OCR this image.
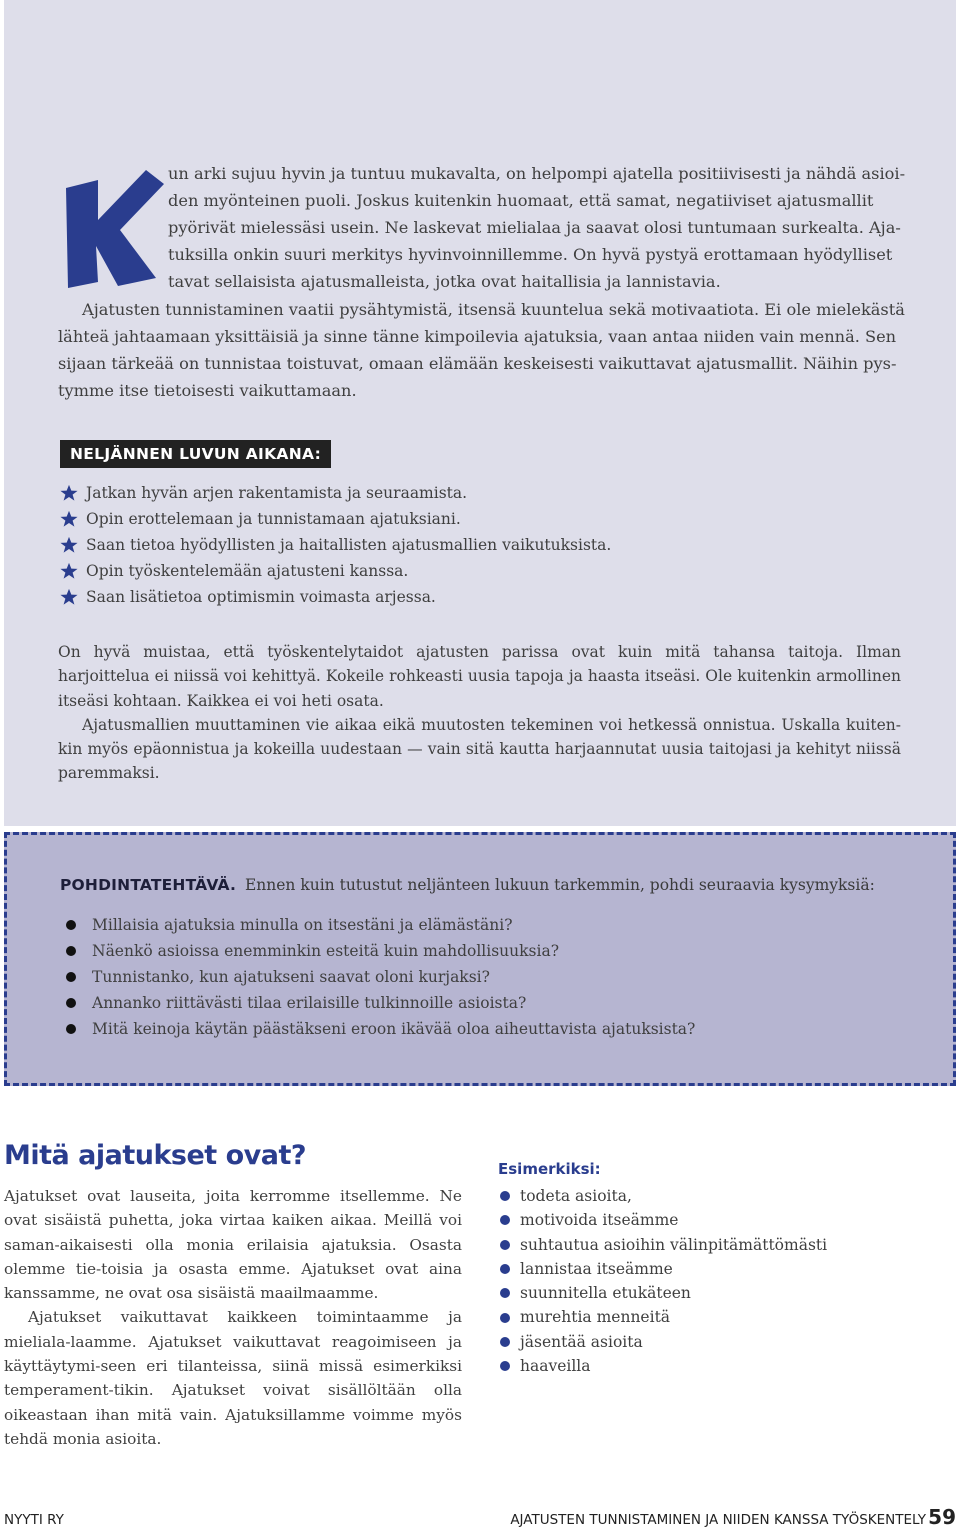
un arki sujuu hyvin ja tuntuu mukavalta, on helpompi ajatella positiivisesti ja nähdä asioi-

den myönteinen puoli. Joskus kuitenkin huomaat, että samat, negatiiviset ajatusmallit

pyörivät mielessäsi usein. Ne laskevat mielialaa ja saavat olosi tuntumaan surkealta. Aja-

tuksilla onkin suuri merkitys hyvinvoinnillemme. On hyvä pystyä erottamaan hyödylliset

tavat sellaisista ajatusmalleista, jotka ovat haitallisia ja lannistavia.

Ajatusten tunnistaminen vaatii pysähtymistä, itsensä kuuntelua sekä motivaatiota. Ei ole mielekästä

lähteä jahtaamaan yksittäisiä ja sinne tänne kimpoilevia ajatuksia, vaan antaa niiden vain mennä. Sen

sijaan tärkeää on tunnistaa toistuvat, omaan elämään keskeisesti vaikuttavat ajatusmallit. Näihin pys-

tymme itse tietoisesti vaikuttamaan.

NELJÄNNEN LUVUN AIKANA:
Jatkan hyvän arjen rakentamista ja seuraamista.
Opin erottelemaan ja tunnistamaan ajatuksiani.
Saan tietoa hyödyllisten ja haitallisten ajatusmallien vaikutuksista.
Opin työskentelemään ajatusteni kanssa.
Saan lisätietoa optimismin voimasta arjessa.

On hyvä muistaa, että työskentelytaidot ajatusten parissa ovat kuin mitä tahansa taitoja. Ilman harjoittelua ei niissä voi kehittyä. Kokeile rohkeasti uusia tapoja ja haasta itseäsi. Ole kuitenkin armollinen itseäsi kohtaan. Kaikkea ei voi heti osata.

Ajatusmallien muuttaminen vie aikaa eikä muutosten tekeminen voi hetkessä onnistua. Uskalla kuiten-kin myös epäonnistua ja kokeilla uudestaan — vain sitä kautta harjaannutat uusia taitojasi ja kehityt niissä paremmaksi.

POHDINTATEHTÄVÄ. Ennen kuin tutustut neljänteen lukuun tarkemmin, pohdi seuraavia kysymyksiä:
Millaisia ajatuksia minulla on itsestäni ja elämästäni?
Näenkö asioissa enemminkin esteitä kuin mahdollisuuksia?
Tunnistanko, kun ajatukseni saavat oloni kurjaksi?
Annanko riittävästi tilaa erilaisille tulkinnoille asioista?
Mitä keinoja käytän päästäkseni eroon ikävää oloa aiheuttavista ajatuksista?
Mitä ajatukset ovat?

Ajatukset ovat lauseita, joita kerromme itsellemme. Ne ovat sisäistä puhetta, joka virtaa kaiken aikaa. Meillä voi saman-aikaisesti olla monia erilaisia ajatuksia. Osasta olemme tie-toisia ja osasta emme. Ajatukset ovat aina kanssamme, ne ovat osa sisäistä maailmaamme.

Ajatukset vaikuttavat kaikkeen toimintaamme ja mieliala-laamme. Ajatukset vaikuttavat reagoimiseen ja käyttäytymi-seen eri tilanteissa, siinä missä esimerkiksi temperament-tikin. Ajatukset voivat sisällöltään olla oikeastaan ihan mitä vain. Ajatuksillamme voimme myös tehdä monia asioita.

Esimerkiksi:
todeta asioita,
motivoida itseämme
suhtautua asioihin välinpitämättömästi
lannistaa itseämme
suunnitella etukäteen
murehtia menneitä
jäsentää asioita
haaveilla
NYYTI RY	AJATUSTEN TUNNISTAMINEN JA NIIDEN KANSSA TYÖSKENTELY 59
